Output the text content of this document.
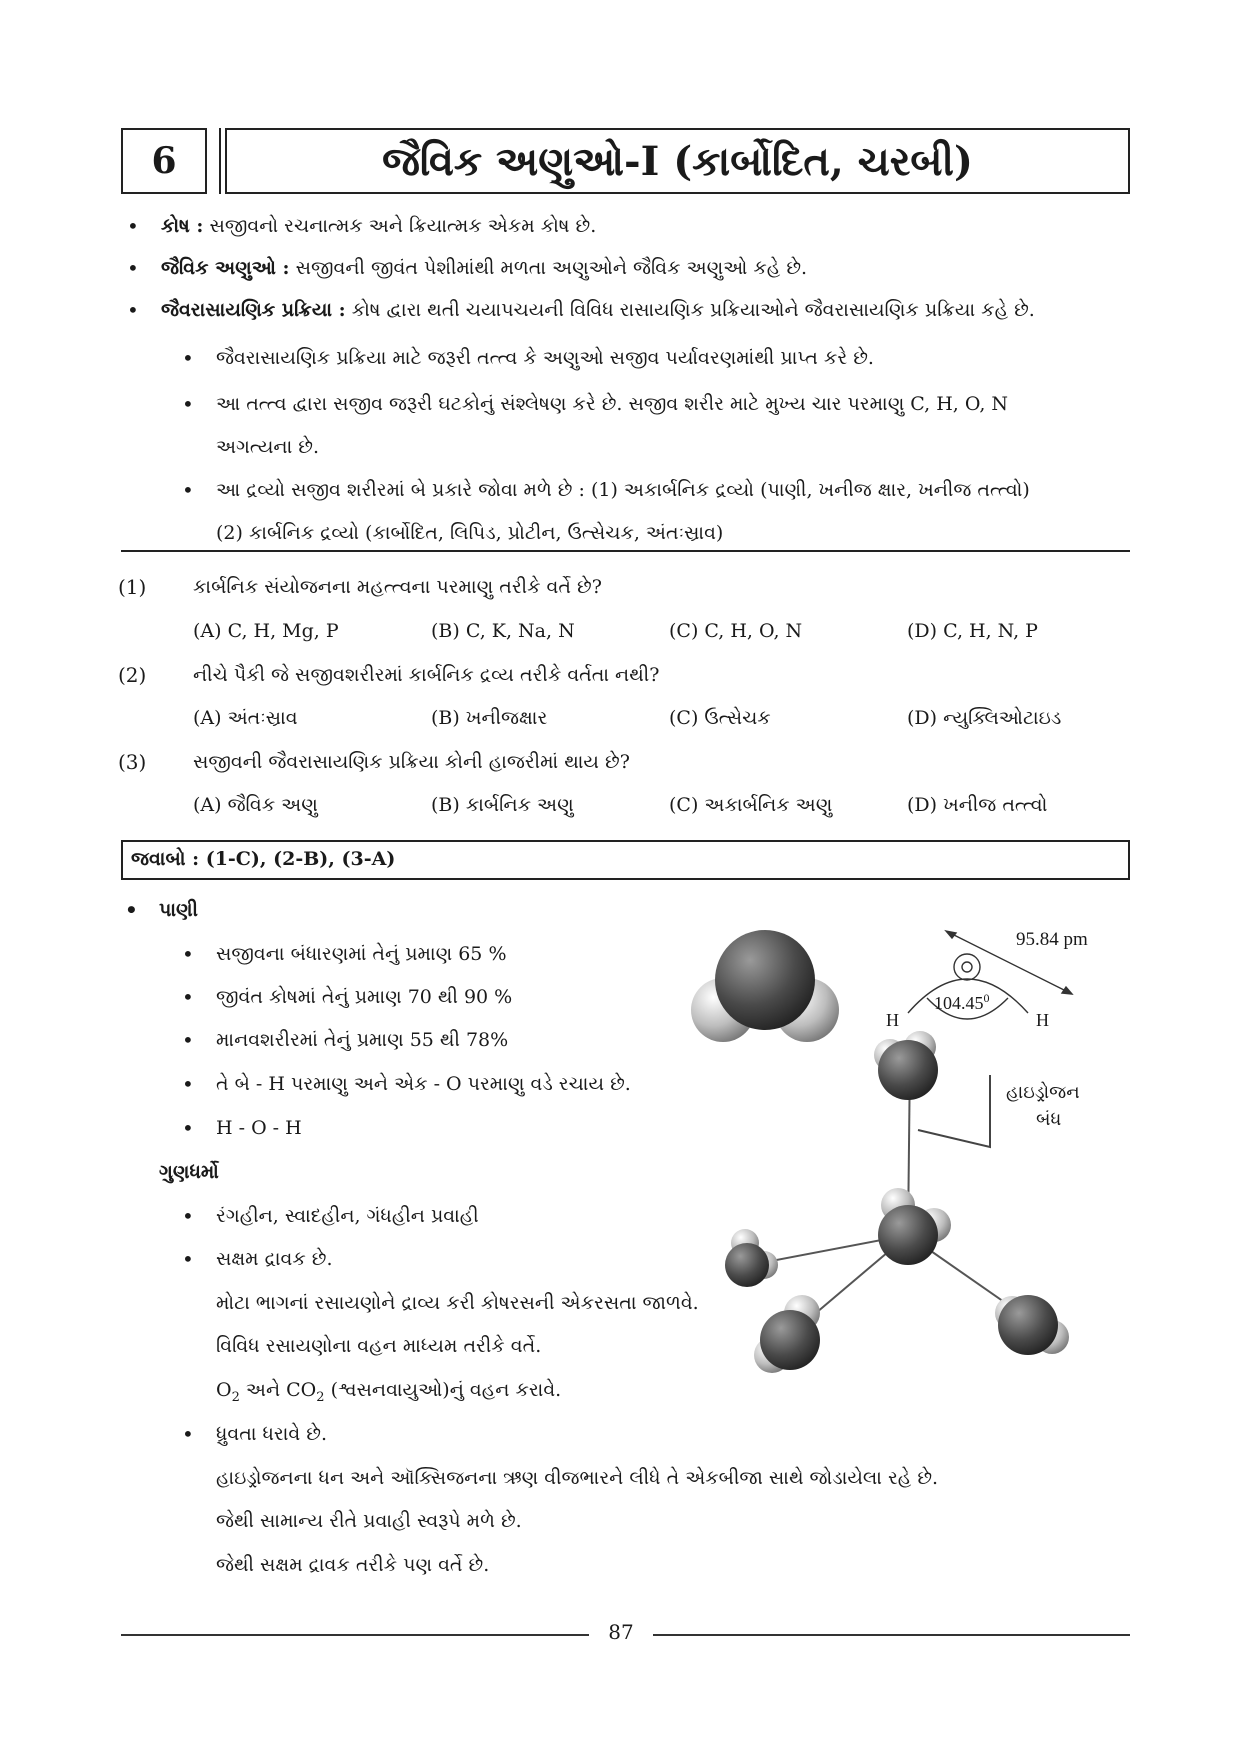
6	જૈવિક અણુઓ-I (કાર્બોદિત, ચરબી)
• કોષ : સજીવનો રચનાત્મક અને ક્રિયાત્મક એકમ કોષ છે.
• જૈવિક અણુઓ : સજીવની જીવંત પેશીમાંથી મળતા અણુઓને જૈવિક અણુઓ કહે છે.
• જૈવરાસાયણિક પ્રક્રિયા : કોષ દ્વારા થતી ચયાપચયની વિવિધ રાસાયણિક પ્રક્રિયાઓને જૈવરાસાયણિક પ્રક્રિયા કહે છે.
• જૈવરાસાયણિક પ્રક્રિયા માટે જરૂરી તત્ત્વ કે અણુઓ સજીવ પર્યાવરણમાંથી પ્રાપ્ત કરે છે.
• આ તત્ત્વ દ્વારા સજીવ જરૂરી ઘટકોનું સંશ્લેષણ કરે છે. સજીવ શરીર માટે મુખ્ય ચાર પરમાણુ C, H, O, N
અગત્યના છે.
• આ દ્રવ્યો સજીવ શરીરમાં બે પ્રકારે જોવા મળે છે : (1) અકાર્બનિક દ્રવ્યો (પાણી, ખનીજ ક્ષાર, ખનીજ તત્ત્વો)
(2) કાર્બનિક દ્રવ્યો (કાર્બોદિત, લિપિડ, પ્રોટીન, ઉત્સેચક, અંતઃસ્રાવ)
(1) કાર્બનિક સંયોજનના મહત્ત્વના પરમાણુ તરીકે વર્તે છે?
(A) C, H, Mg, P	(B) C, K, Na, N	(C) C, H, O, N	(D) C, H, N, P
(2) નીચે પૈકી જે સજીવશરીરમાં કાર્બનિક દ્રવ્ય તરીકે વર્તતા નથી?
(A) અંતઃસ્રાવ	(B) ખનીજક્ષાર	(C) ઉત્સેચક	(D) ન્યુક્લિઓટાઇડ
(3) સજીવની જૈવરાસાયણિક પ્રક્રિયા કોની હાજરીમાં થાય છે?
(A) જૈવિક અણુ	(B) કાર્બનિક અણુ	(C) અકાર્બનિક અણુ	(D) ખનીજ તત્ત્વો
જવાબો : (1-C), (2-B), (3-A)
• પાણી
• સજીવના બંધારણમાં તેનું પ્રમાણ 65 %
• જીવંત કોષમાં તેનું પ્રમાણ 70 થી 90 %
• માનવશરીરમાં તેનું પ્રમાણ 55 થી 78%
• તે બે - H પરમાણુ અને એક - O પરમાણુ વડે રચાય છે.
• H - O - H
ગુણધર્મો
• રંગહીન, સ્વાદહીન, ગંધહીન પ્રવાહી
• સક્ષમ દ્રાવક છે.
મોટા ભાગનાં રસાયણોને દ્રાવ્ય કરી કોષરસની એકરસતા જાળવે.
વિવિધ રસાયણોના વહન માધ્યમ તરીકે વર્તે.
$O_2$ અને $CO_2$ (શ્વસનવાયુઓ)નું વહન કરાવે.
• ધ્રુવતા ધરાવે છે.
હાઇડ્રોજનના ધન અને ઑક્સિજનના ઋણ વીજભારને લીધે તે એકબીજા સાથે જોડાયેલા રહે છે.
જેથી સામાન્ય રીતે પ્રવાહી સ્વરૂપે મળે છે.
જેથી સક્ષમ દ્રાવક તરીકે પણ વર્તે છે.
95.84 pm
O
104.45$^0$
H	H
હાઇડ્રોજન
બંધ
87
